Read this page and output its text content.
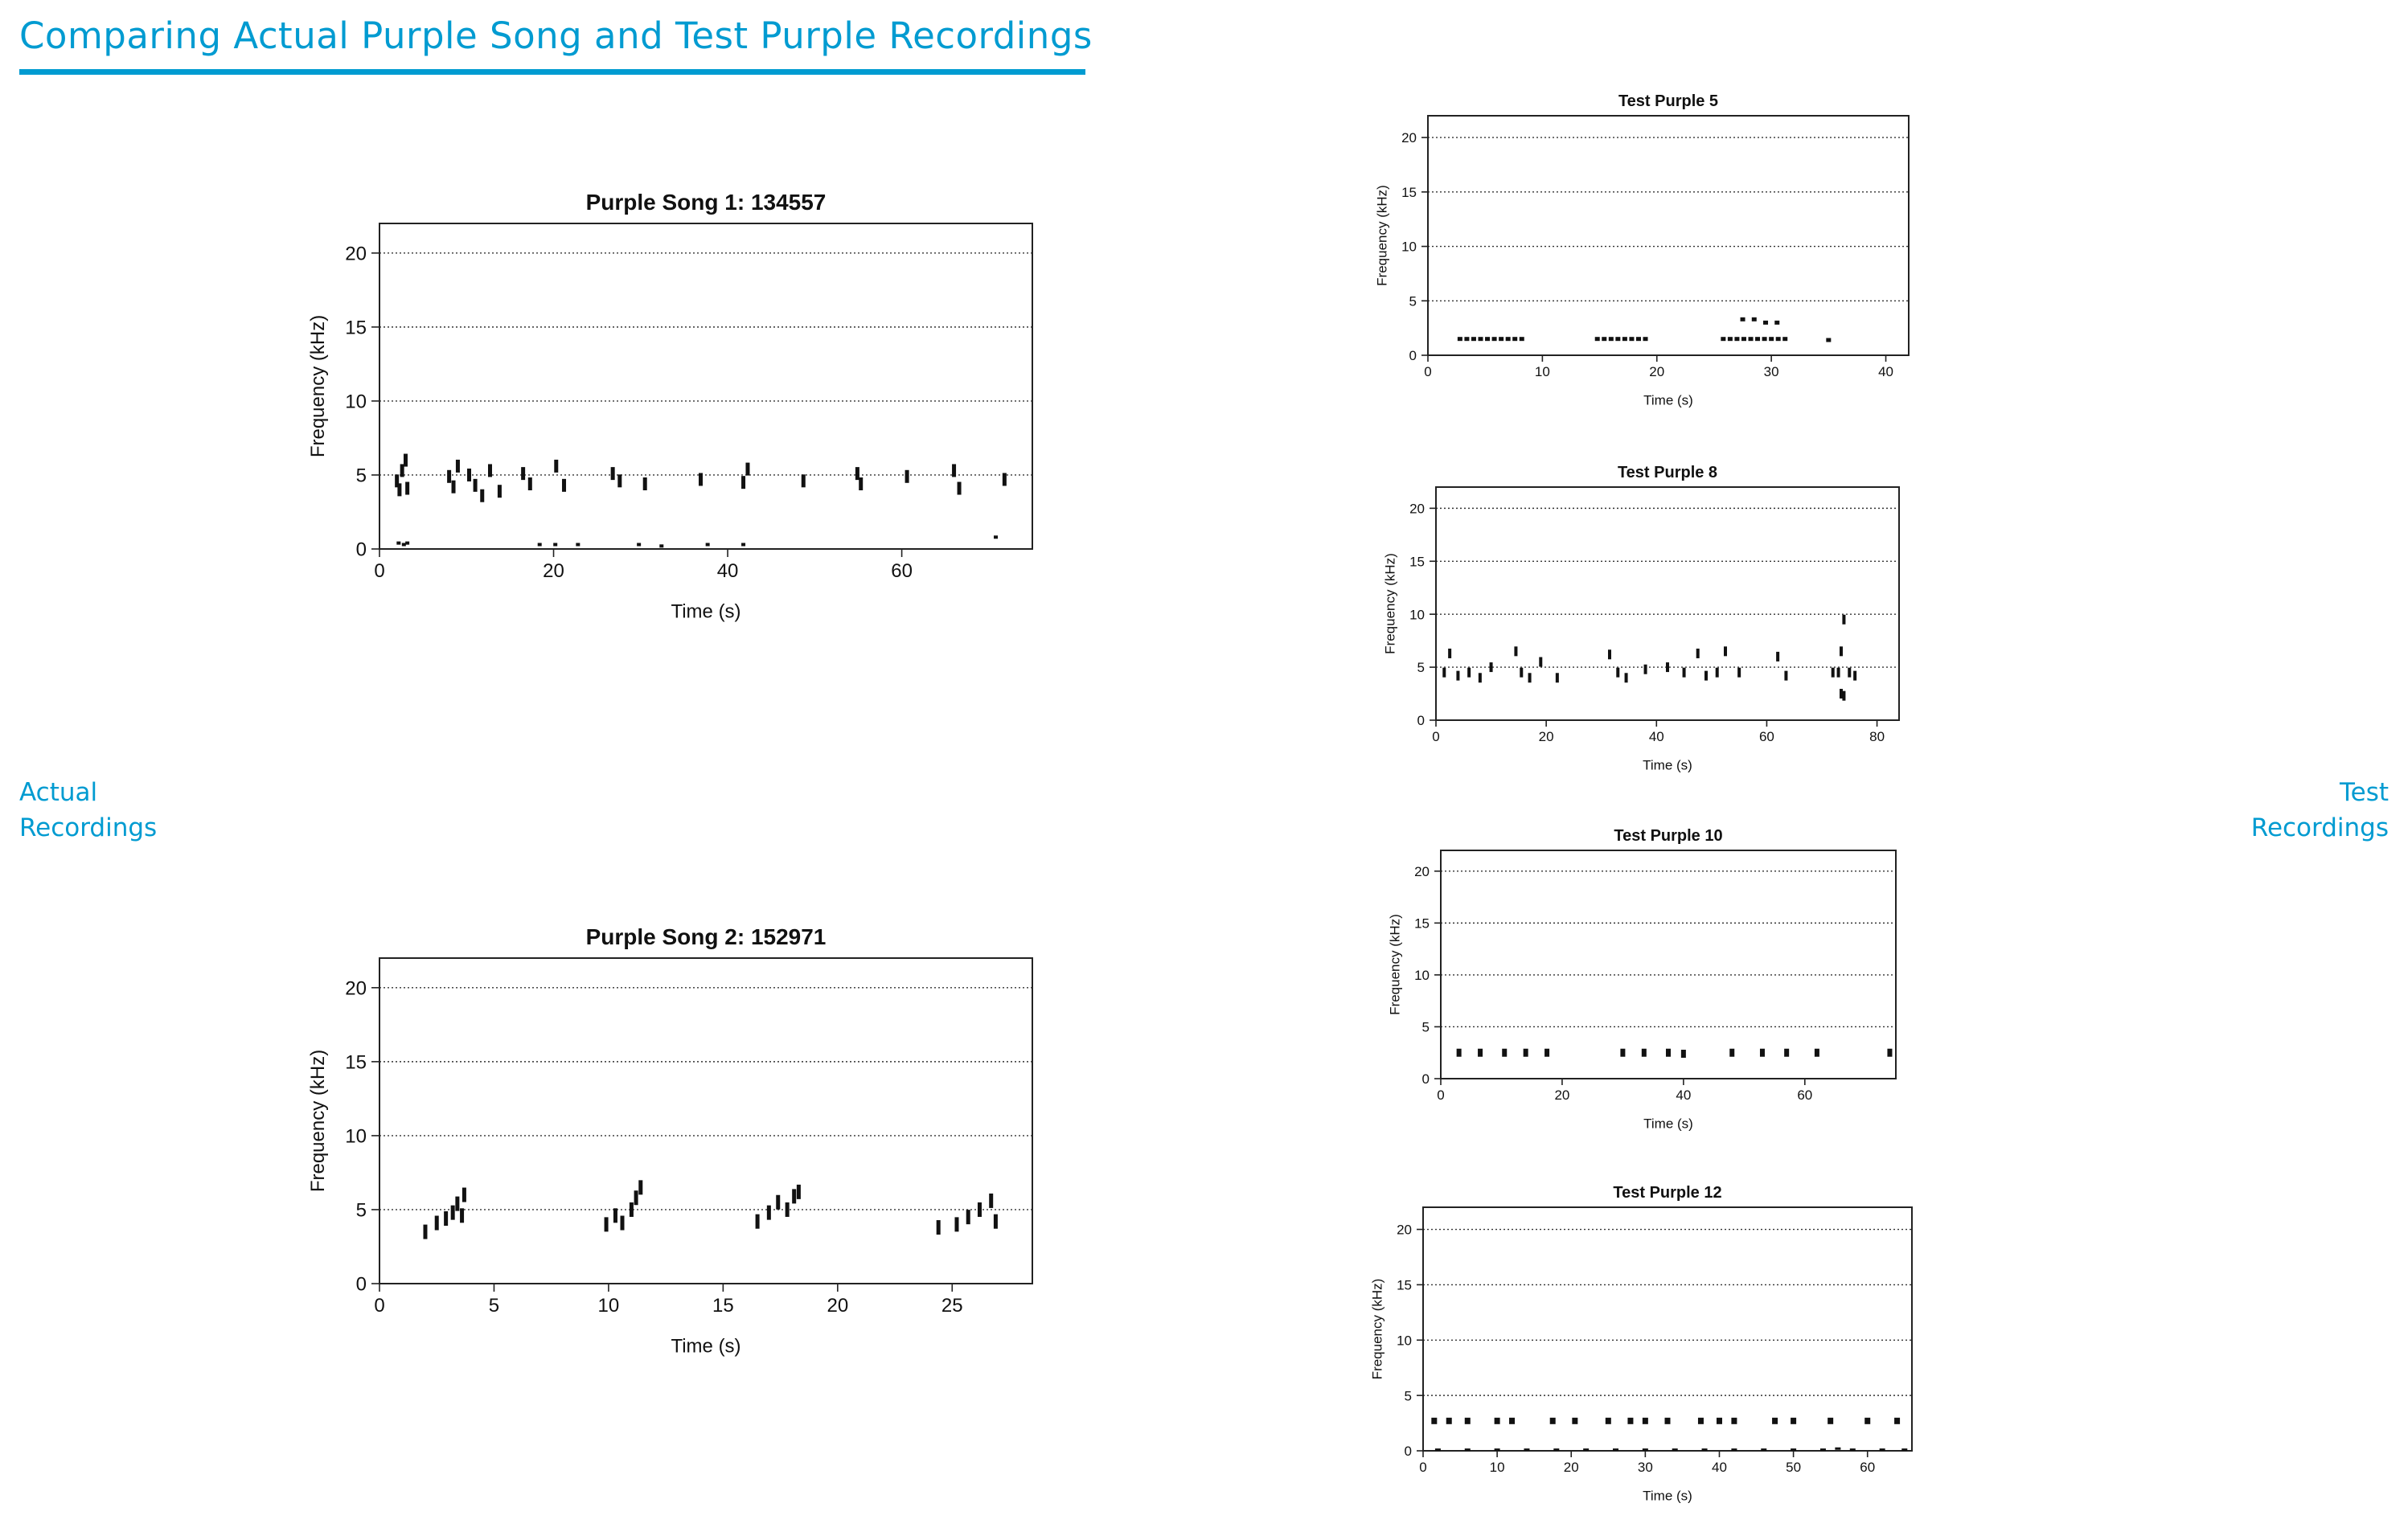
Comparing Actual Purple Song and Test Purple Recordings
Actual
Recordings
Test
Recordings
0	20	40	60
0
5
10
15
20
Purple Song 1: 134557
Time (s)
Frequency (kHz)
0	5	10	15	20	25
0
5
10
15
20
Purple Song 2: 152971
Time (s)
Frequency (kHz)
0	10	20	30	40
0
5
10
15
20
Test Purple 5
Time (s)
Frequency (kHz)
0	20	40	60	80
0
5
10
15
20
Test Purple 8
Time (s)
Frequency (kHz)
0	20	40	60
0
5
10
15
20
Test Purple 10
Time (s)
Frequency (kHz)
0	10	20	30	40	50	60
0
5
10
15
20
Test Purple 12
Time (s)
Frequency (kHz)
